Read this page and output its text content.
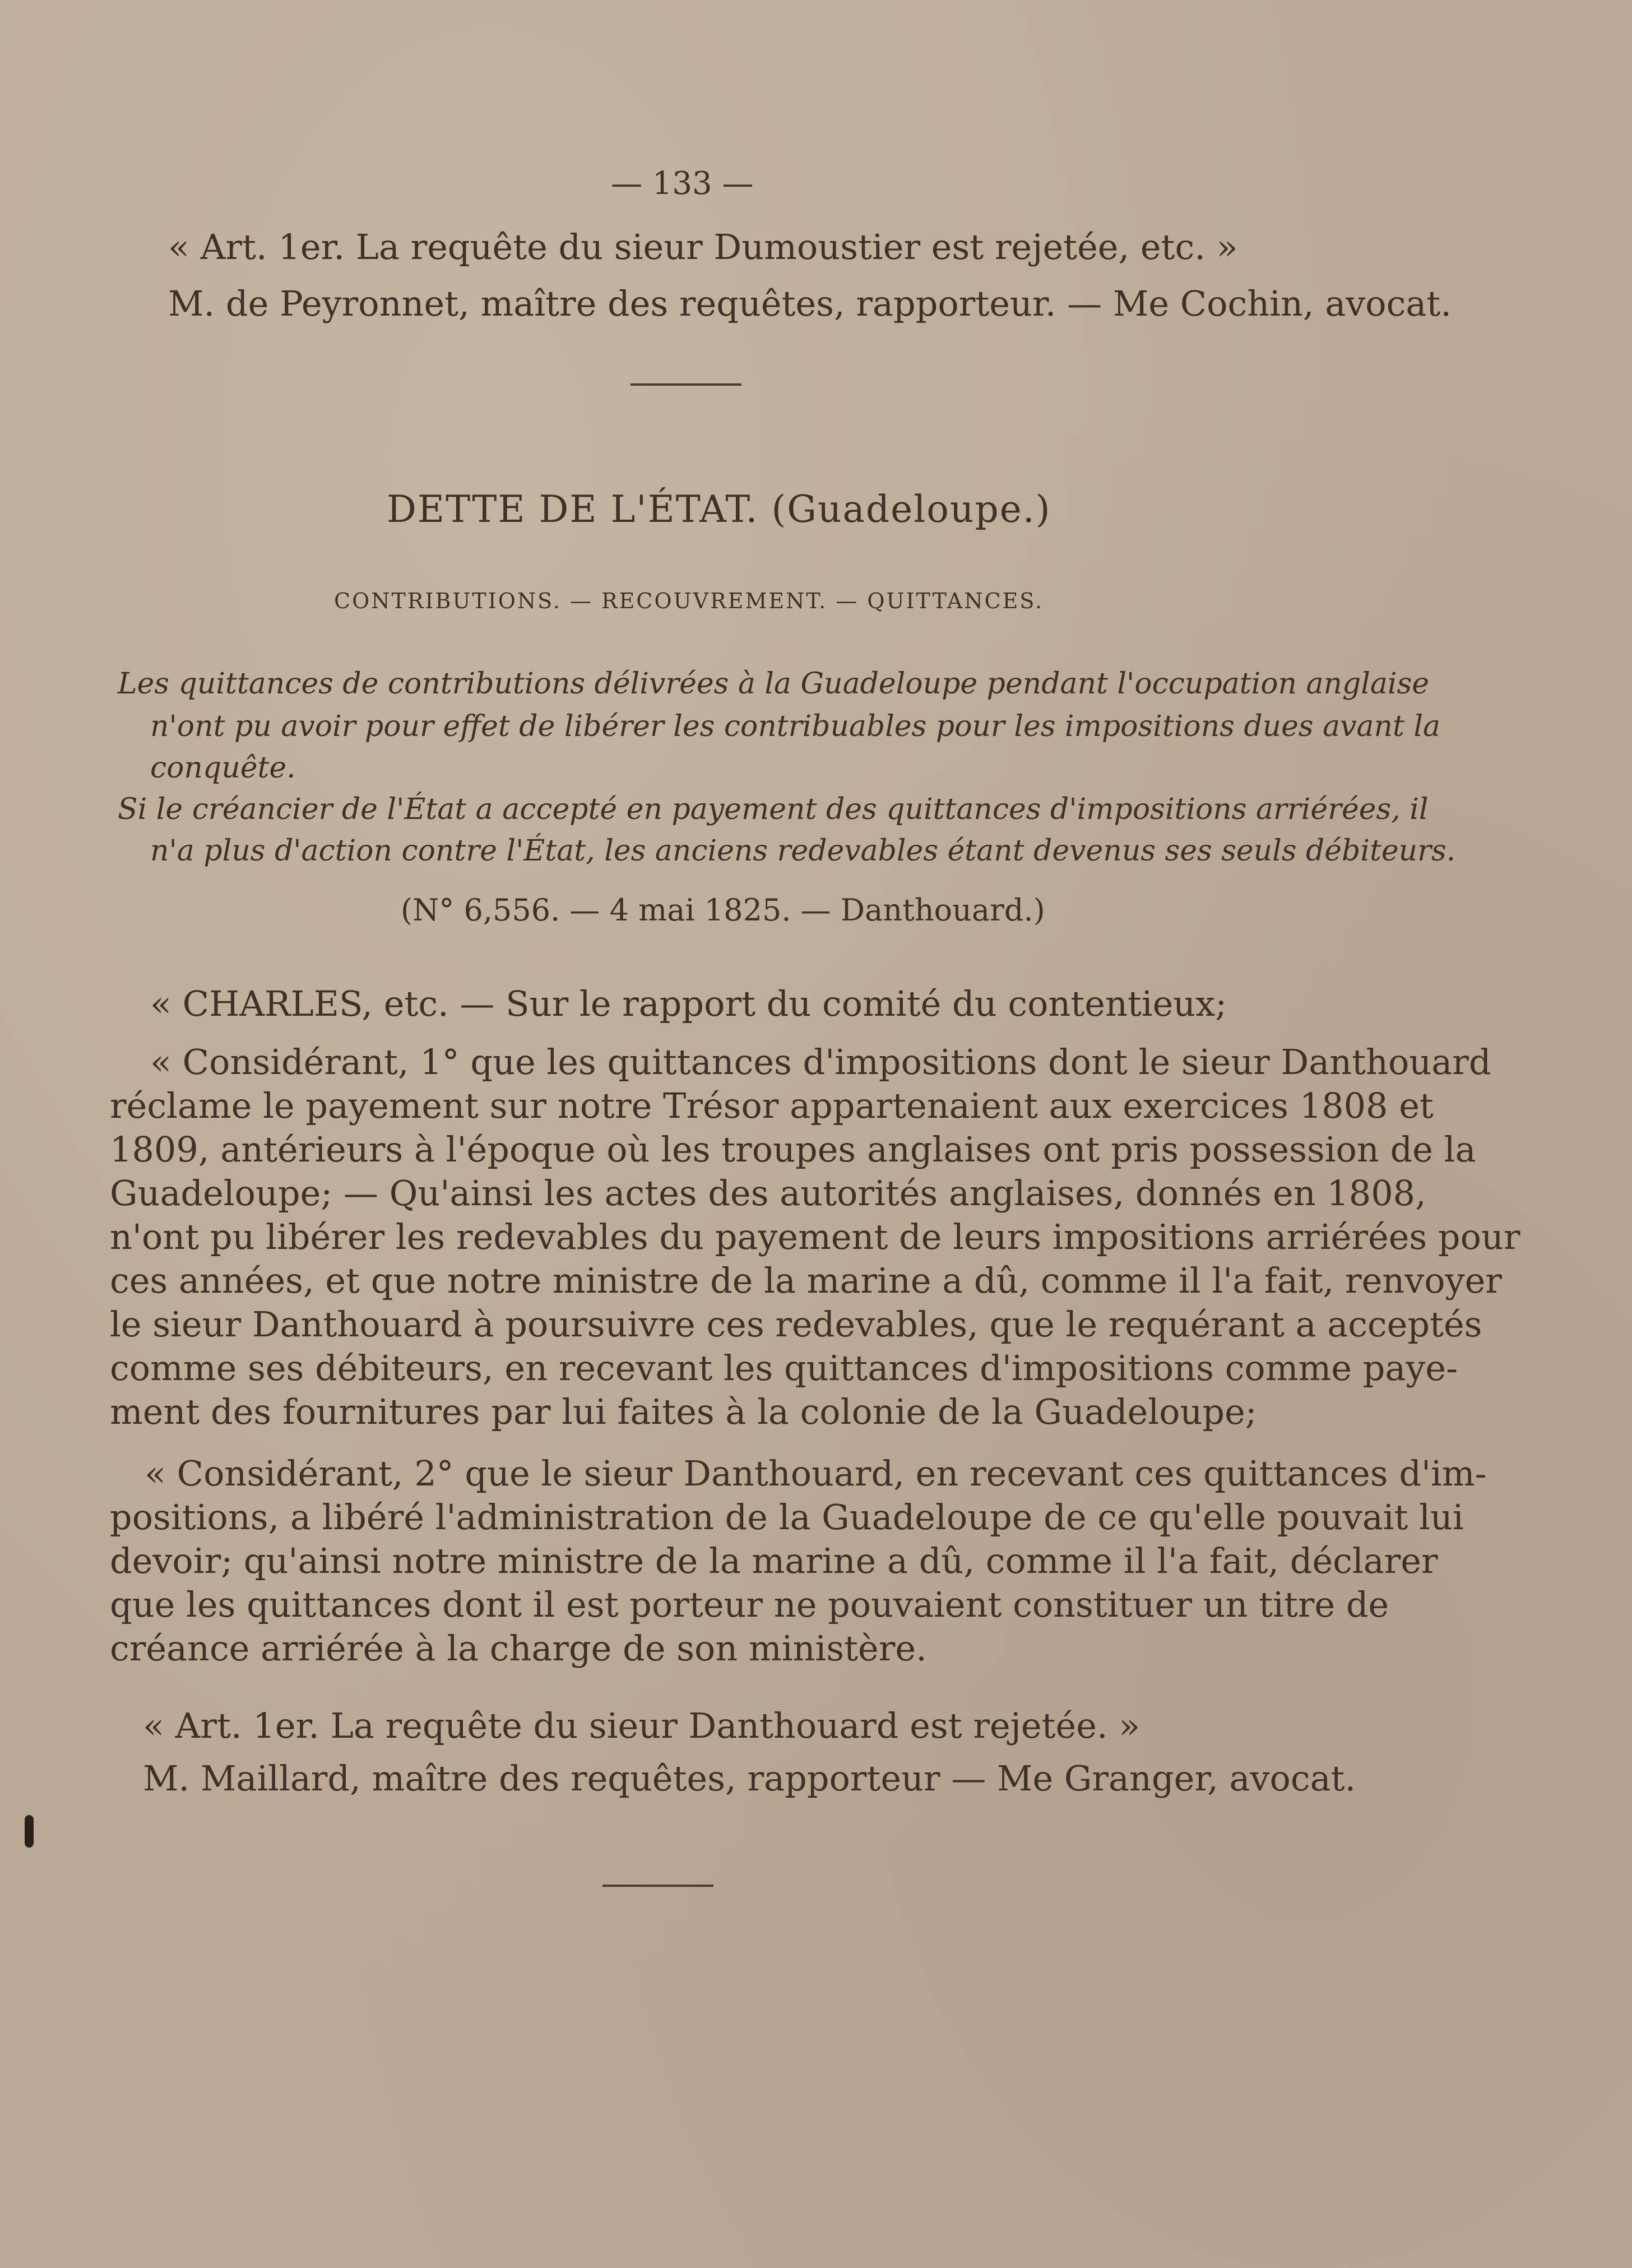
— 133 —
« Art. 1er. La requête du sieur Dumoustier est rejetée, etc. »
M. de Peyronnet, maître des requêtes, rapporteur. — Me Cochin, avocat.
DETTE DE L'ÉTAT. (Guadeloupe.)
CONTRIBUTIONS. — RECOUVREMENT. — QUITTANCES.
Les quittances de contributions délivrées à la Guadeloupe pendant l'occupation anglaise
n'ont pu avoir pour effet de libérer les contribuables pour les impositions dues avant la
conquête.
Si le créancier de l'État a accepté en payement des quittances d'impositions arriérées, il
n'a plus d'action contre l'État, les anciens redevables étant devenus ses seuls débiteurs.
(N° 6,556. — 4 mai 1825. — Danthouard.)
« CHARLES, etc. — Sur le rapport du comité du contentieux;
« Considérant, 1° que les quittances d'impositions dont le sieur Danthouard
réclame le payement sur notre Trésor appartenaient aux exercices 1808 et
1809, antérieurs à l'époque où les troupes anglaises ont pris possession de la
Guadeloupe; — Qu'ainsi les actes des autorités anglaises, donnés en 1808,
n'ont pu libérer les redevables du payement de leurs impositions arriérées pour
ces années, et que notre ministre de la marine a dû, comme il l'a fait, renvoyer
le sieur Danthouard à poursuivre ces redevables, que le requérant a acceptés
comme ses débiteurs, en recevant les quittances d'impositions comme paye-
ment des fournitures par lui faites à la colonie de la Guadeloupe;
« Considérant, 2° que le sieur Danthouard, en recevant ces quittances d'im-
positions, a libéré l'administration de la Guadeloupe de ce qu'elle pouvait lui
devoir; qu'ainsi notre ministre de la marine a dû, comme il l'a fait, déclarer
que les quittances dont il est porteur ne pouvaient constituer un titre de
créance arriérée à la charge de son ministère.
« Art. 1er. La requête du sieur Danthouard est rejetée. »
M. Maillard, maître des requêtes, rapporteur — Me Granger, avocat.
